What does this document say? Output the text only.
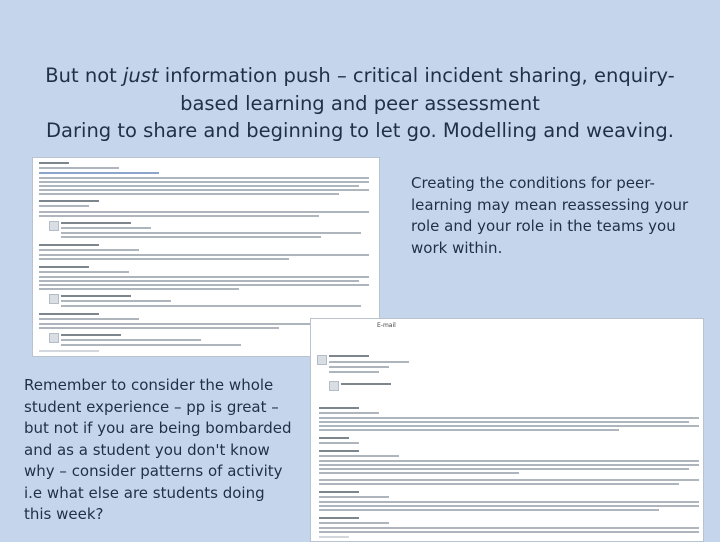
But not just information push – critical incident sharing, enquiry-
based learning and peer assessment
Daring to share and beginning to let go. Modelling and weaving.
E-mail
Creating the conditions for peer-learning may mean reassessing your role and your role in the teams you work within.
Remember to consider the whole student experience – pp is great – but not if you are being bombarded and as a student you don't know why – consider patterns of activity i.e what else are students doing this week?
